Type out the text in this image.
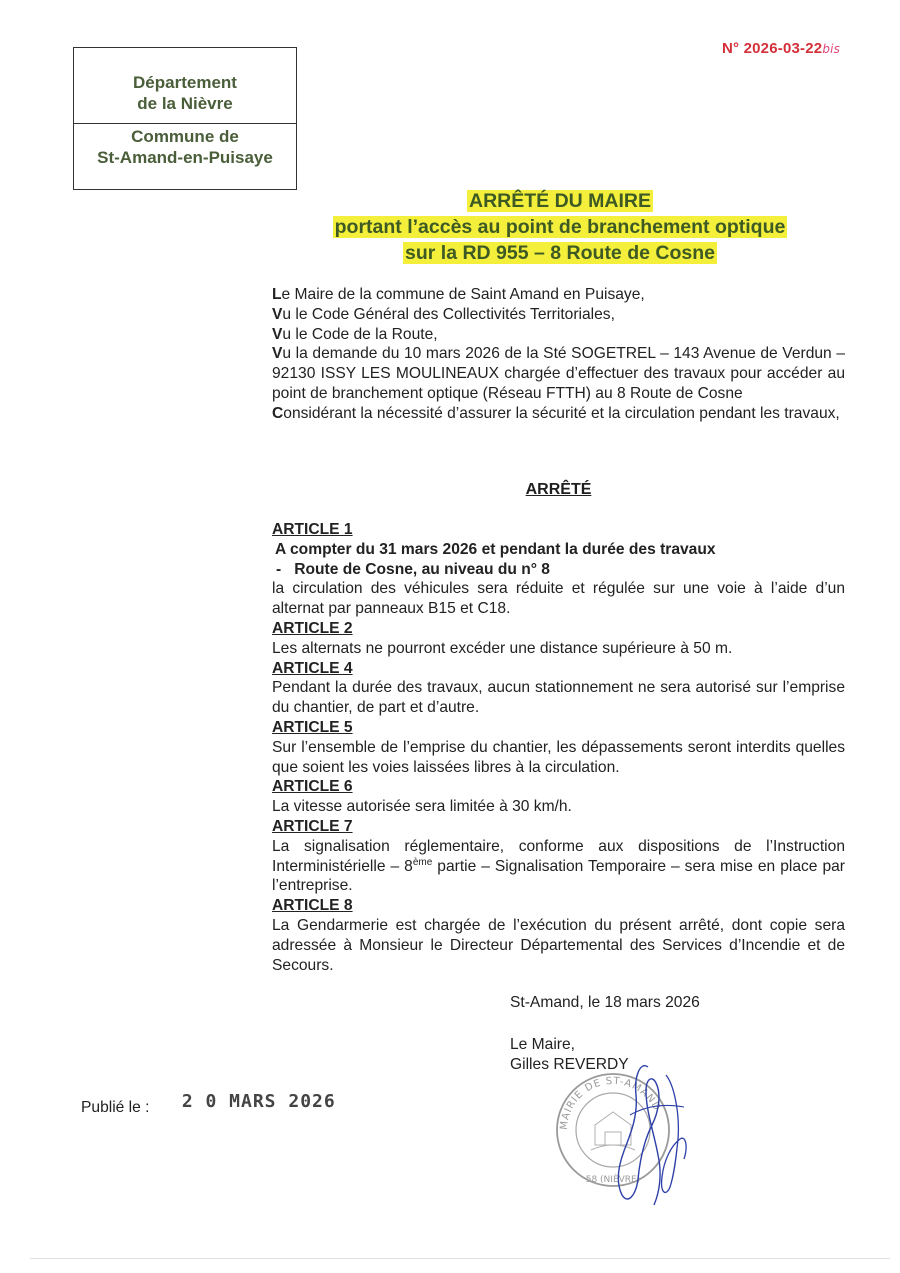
Département
de la Nièvre
Commune de
St-Amand-en-Puisaye
N° 2026-03-22bis
ARRÊTÉ DU MAIRE
portant l’accès au point de branchement optique
sur la RD 955 – 8 Route de Cosne

Le Maire de la commune de Saint Amand en Puisaye,

Vu le Code Général des Collectivités Territoriales,

Vu le Code de la Route,

Vu la demande du 10 mars 2026 de la Sté SOGETREL – 143 Avenue de Verdun – 92130 ISSY LES MOULINEAUX chargée d’effectuer des travaux pour accéder au point de branchement optique (Réseau FTTH) au 8 Route de Cosne

Considérant la nécessité d’assurer la sécurité et la circulation pendant les travaux,

ARRÊTÉ
ARTICLE 1

A compter du 31 mars 2026 et pendant la durée des travaux

- Route de Cosne, au niveau du n° 8

la circulation des véhicules sera réduite et régulée sur une voie à l’aide d’un alternat par panneaux B15 et C18.

ARTICLE 2

Les alternats ne pourront excéder une distance supérieure à 50 m.

ARTICLE 4

Pendant la durée des travaux, aucun stationnement ne sera autorisé sur l’emprise du chantier, de part et d’autre.

ARTICLE 5

Sur l’ensemble de l’emprise du chantier, les dépassements seront interdits quelles que soient les voies laissées libres à la circulation.

ARTICLE 6

La vitesse autorisée sera limitée à 30 km/h.

ARTICLE 7

La signalisation réglementaire, conforme aux dispositions de l’Instruction Interministérielle – 8ème partie – Signalisation Temporaire – sera mise en place par l’entreprise.

ARTICLE 8

La Gendarmerie est chargée de l’exécution du présent arrêté, dont copie sera adressée à Monsieur le Directeur Départemental des Services d’Incendie et de Secours.

St-Amand, le 18 mars 2026
Le Maire,
Gilles REVERDY
Publié le : 2 0 MARS 2026
MAIRIE DE ST-AMAND
58 (NIÈVRE)
